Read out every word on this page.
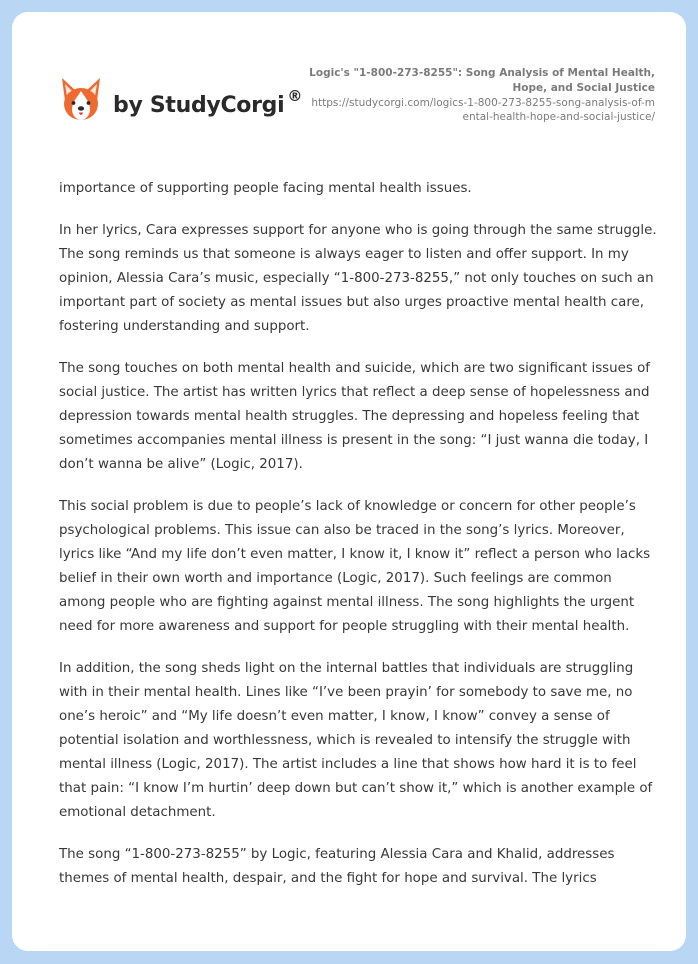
by StudyCorgi ®
Logic's "1-800-273-8255": Song Analysis of Mental Health, Hope, and Social Justice
https://studycorgi.com/logics-1-800-273-8255-song-analysis-of-mental-health-hope-and-social-justice/

importance of supporting people facing mental health issues.

In her lyrics, Cara expresses support for anyone who is going through the same struggle. The song reminds us that someone is always eager to listen and offer support. In my opinion, Alessia Cara’s music, especially “1-800-273-8255,” not only touches on such an important part of society as mental issues but also urges proactive mental health care, fostering understanding and support.

The song touches on both mental health and suicide, which are two significant issues of social justice. The artist has written lyrics that reflect a deep sense of hopelessness and depression towards mental health struggles. The depressing and hopeless feeling that sometimes accompanies mental illness is present in the song: “I just wanna die today, I don’t wanna be alive” (Logic, 2017).

This social problem is due to people’s lack of knowledge or concern for other people’s psychological problems. This issue can also be traced in the song’s lyrics. Moreover, lyrics like “And my life don’t even matter, I know it, I know it” reflect a person who lacks belief in their own worth and importance (Logic, 2017). Such feelings are common among people who are fighting against mental illness. The song highlights the urgent need for more awareness and support for people struggling with their mental health.

In addition, the song sheds light on the internal battles that individuals are struggling with in their mental health. Lines like “I’ve been prayin’ for somebody to save me, no one’s heroic” and “My life doesn’t even matter, I know, I know” convey a sense of potential isolation and worthlessness, which is revealed to intensify the struggle with mental illness (Logic, 2017). The artist includes a line that shows how hard it is to feel that pain: “I know I’m hurtin’ deep down but can’t show it,” which is another example of emotional detachment.

The song “1-800-273-8255” by Logic, featuring Alessia Cara and Khalid, addresses themes of mental health, despair, and the fight for hope and survival. The lyrics
